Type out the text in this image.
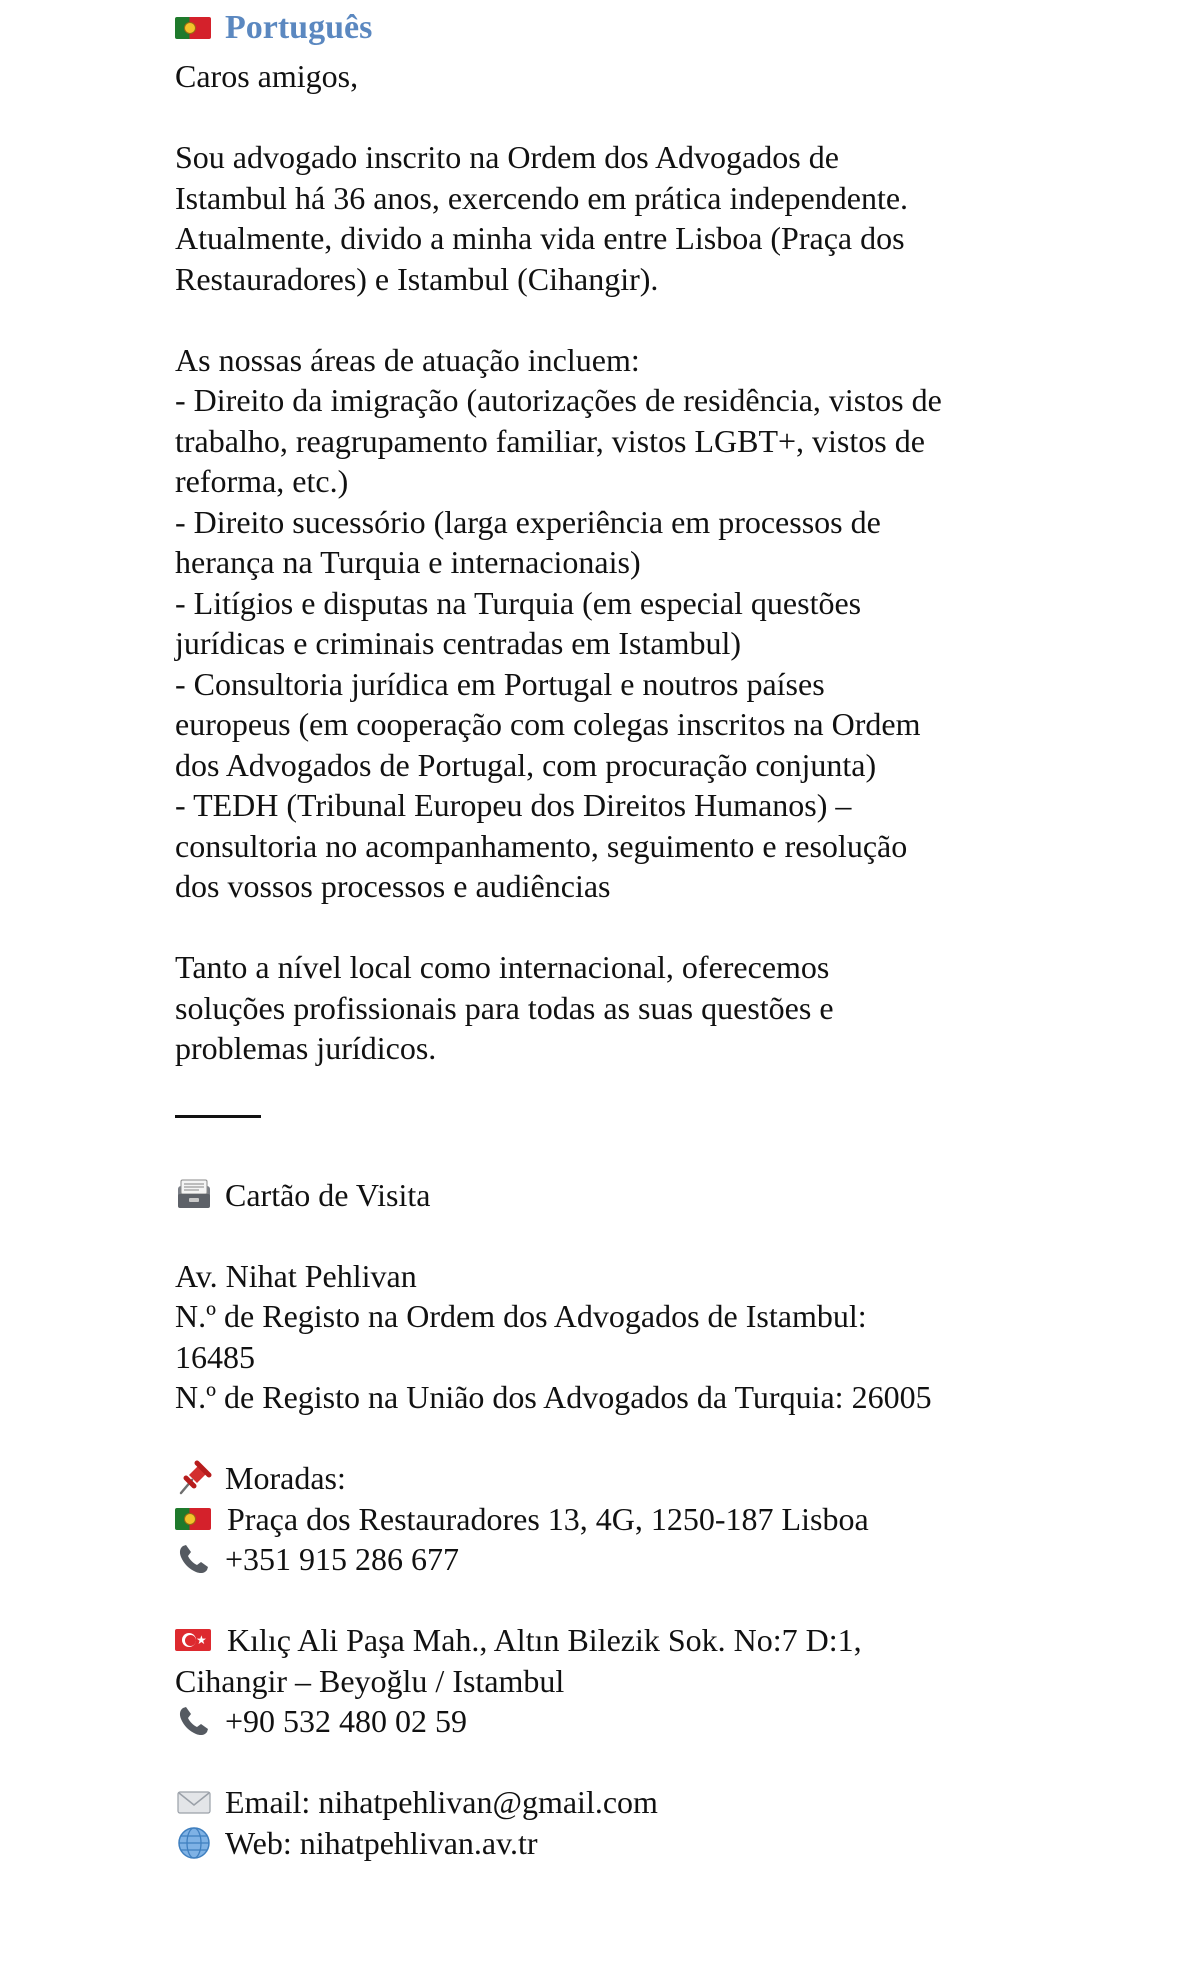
Português
Caros amigos,
Sou advogado inscrito na Ordem dos Advogados de
Istambul há 36 anos, exercendo em prática independente.
Atualmente, divido a minha vida entre Lisboa (Praça dos
Restauradores) e Istambul (Cihangir).
As nossas áreas de atuação incluem:
- Direito da imigração (autorizações de residência, vistos de
trabalho, reagrupamento familiar, vistos LGBT+, vistos de
reforma, etc.)
- Direito sucessório (larga experiência em processos de
herança na Turquia e internacionais)
- Litígios e disputas na Turquia (em especial questões
jurídicas e criminais centradas em Istambul)
- Consultoria jurídica em Portugal e noutros países
europeus (em cooperação com colegas inscritos na Ordem
dos Advogados de Portugal, com procuração conjunta)
- TEDH (Tribunal Europeu dos Direitos Humanos) –
consultoria no acompanhamento, seguimento e resolução
dos vossos processos e audiências
Tanto a nível local como internacional, oferecemos
soluções profissionais para todas as suas questões e
problemas jurídicos.
Cartão de Visita
Av. Nihat Pehlivan
N.º de Registo na Ordem dos Advogados de Istambul:
16485
N.º de Registo na União dos Advogados da Turquia: 26005
Moradas:
Praça dos Restauradores 13, 4G, 1250-187 Lisboa
+351 915 286 677
★ Kılıç Ali Paşa Mah., Altın Bilezik Sok. No:7 D:1,
Cihangir – Beyoğlu / Istambul
+90 532 480 02 59
Email: nihatpehlivan@gmail.com
Web: nihatpehlivan.av.tr
